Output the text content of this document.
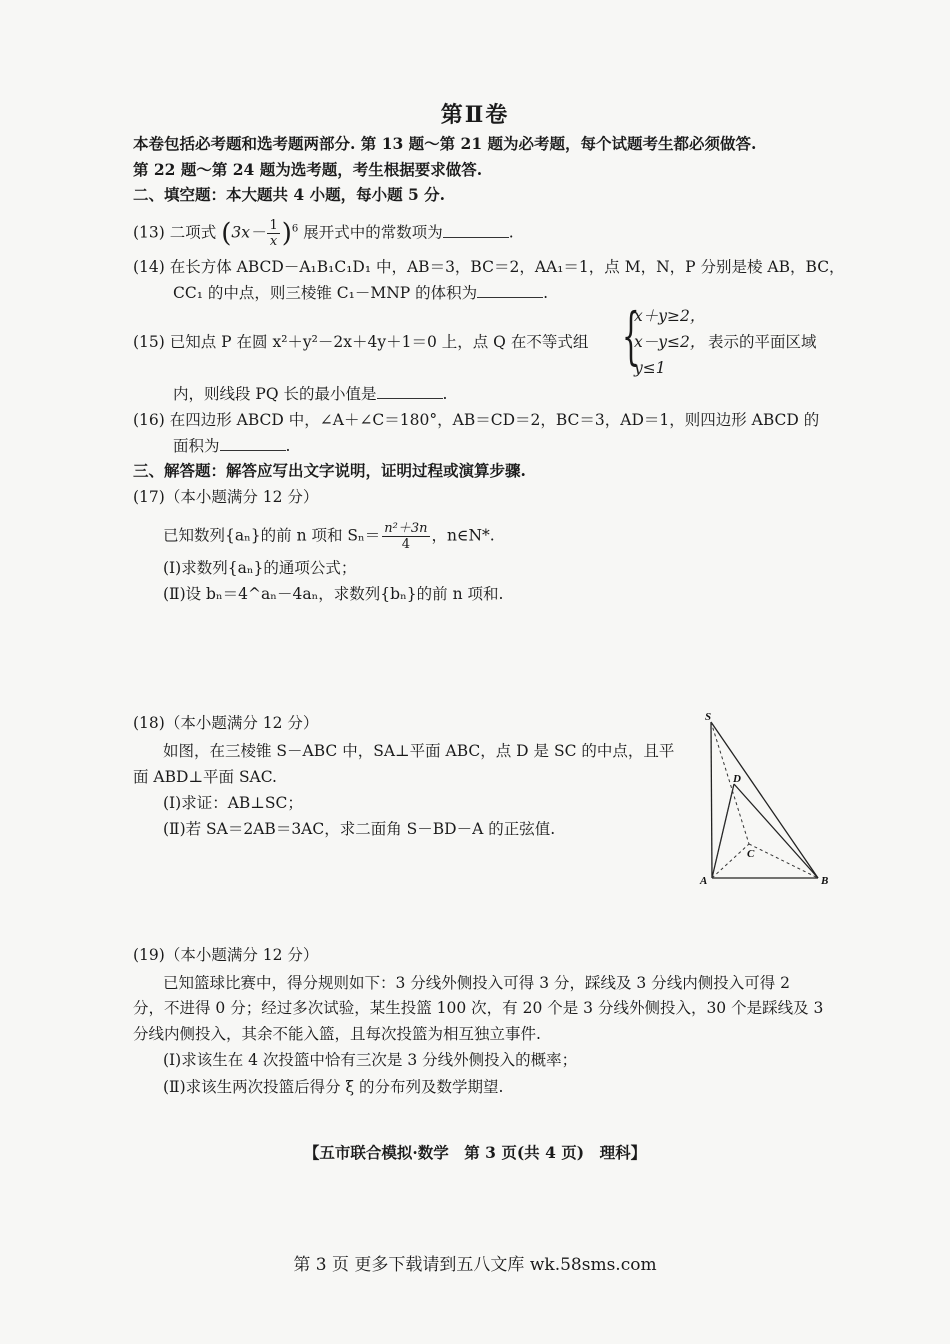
第Ⅱ卷
本卷包括必考题和选考题两部分. 第 13 题～第 21 题为必考题，每个试题考生都必须做答.
第 22 题～第 24 题为选考题，考生根据要求做答.
二、填空题：本大题共 4 小题，每小题 5 分.
(13) 二项式 $(3x- \frac{1}{x} )^6$ 展开式中的常数项为	.
(14) 在长方体 ABCD－A₁B₁C₁D₁ 中，AB＝3，BC＝2，AA₁＝1，点 M，N，P 分别是棱 AB，BC，
CC₁ 的中点，则三棱锥 C₁－MNP 的体积为	.
(15) 已知点 P 在圆 x²＋y²－2x＋4y＋1＝0 上，点 Q 在不等式组 {
x＋y≥2，
x－y≤2，
y≤1
表示的平面区域
内，则线段 PQ 长的最小值是	.
(16) 在四边形 ABCD 中，∠A＋∠C＝180°，AB＝CD＝2，BC＝3，AD＝1，则四边形 ABCD 的
面积为	.
三、解答题：解答应写出文字说明，证明过程或演算步骤.
(17)（本小题满分 12 分）
已知数列{aₙ}的前 n 项和 $S_n= \frac{\text{n²＋3n}}{4}$ ，n∈N*.
(Ⅰ)求数列{aₙ}的通项公式；
(Ⅱ)设 bₙ＝4^aₙ－4aₙ，求数列{bₙ}的前 n 项和.
(18)（本小题满分 12 分）
如图，在三棱锥 S－ABC 中，SA⊥平面 ABC，点 D 是 SC 的中点，且平
面 ABD⊥平面 SAC.
(Ⅰ)求证：AB⊥SC；
(Ⅱ)若 SA＝2AB＝3AC，求二面角 S－BD－A 的正弦值.
S
D
C
A	B
(19)（本小题满分 12 分）
已知篮球比赛中，得分规则如下：3 分线外侧投入可得 3 分，踩线及 3 分线内侧投入可得 2
分，不进得 0 分；经过多次试验，某生投篮 100 次，有 20 个是 3 分线外侧投入，30 个是踩线及 3
分线内侧投入，其余不能入篮，且每次投篮为相互独立事件.
(Ⅰ)求该生在 4 次投篮中恰有三次是 3 分线外侧投入的概率；
(Ⅱ)求该生两次投篮后得分 ξ 的分布列及数学期望.
【五市联合模拟·数学　第 3 页(共 4 页)　理科】
第 3 页 更多下载请到五八文库 wk.58sms.com
